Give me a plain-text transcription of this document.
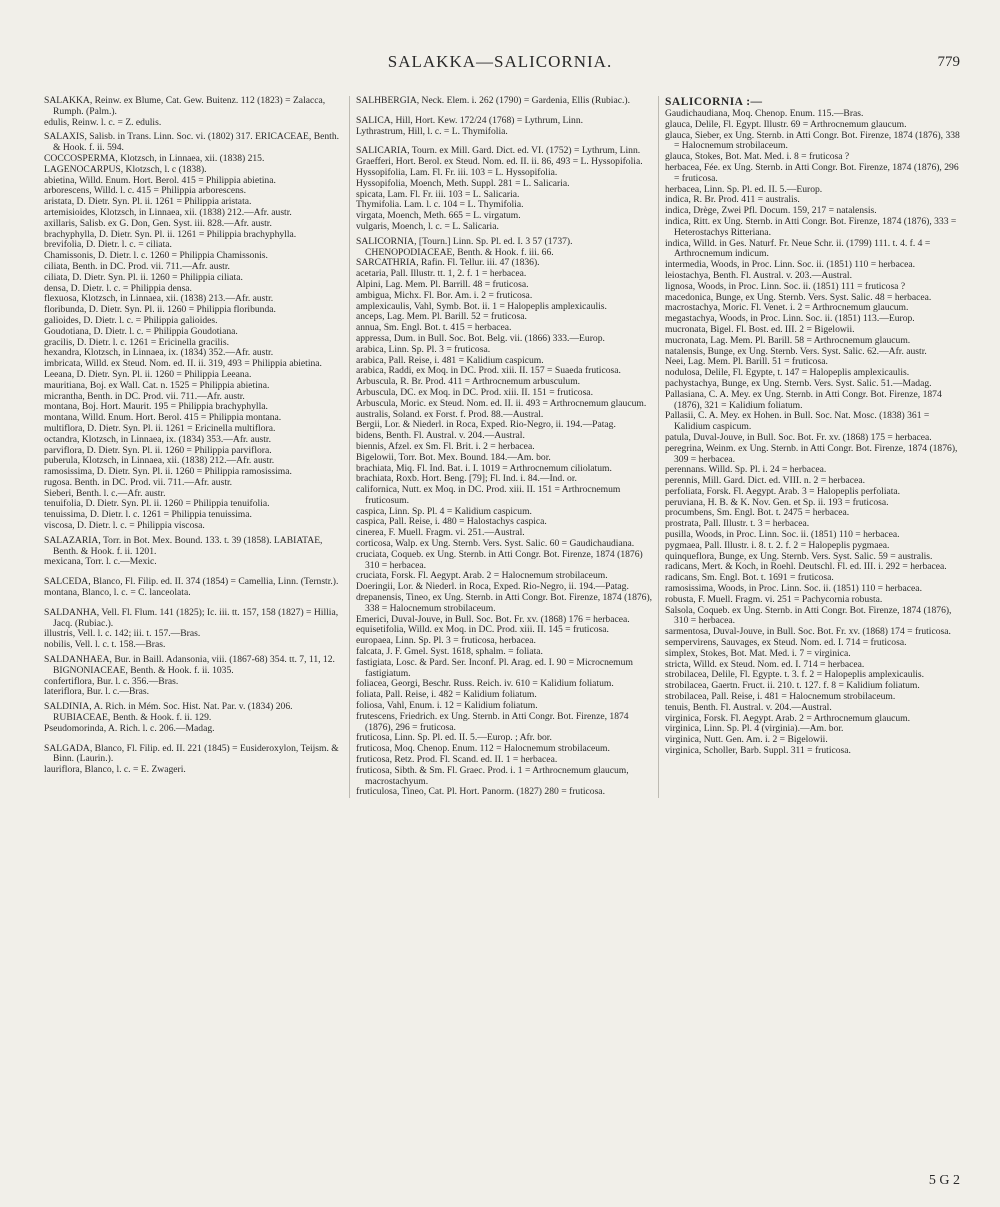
SALAKKA—SALICORNIA.	779

SALAKKA, Reinw. ex Blume, Cat. Gew. Buitenz. 112 (1823) = Zalacca, Rumph. (Palm.).

edulis, Reinw. l. c. = Z. edulis.

SALAXIS, Salisb. in Trans. Linn. Soc. vi. (1802) 317. ERICACEAE, Benth. & Hook. f. ii. 594.

COCCOSPERMA, Klotzsch, in Linnaea, xii. (1838) 215.

LAGENOCARPUS, Klotzsch, l. c (1838).

abietina, Willd. Enum. Hort. Berol. 415 = Philippia abietina.

arborescens, Willd. l. c. 415 = Philippia arborescens.

aristata, D. Dietr. Syn. Pl. ii. 1261 = Philippia aristata.

artemisioides, Klotzsch, in Linnaea, xii. (1838) 212.—Afr. austr.

axillaris, Salisb. ex G. Don, Gen. Syst. iii. 828.—Afr. austr.

brachyphylla, D. Dietr. Syn. Pl. ii. 1261 = Philippia brachyphylla.

brevifolia, D. Dietr. l. c. = ciliata.

Chamissonis, D. Dietr. l. c. 1260 = Philippia Chamissonis.

ciliata, Benth. in DC. Prod. vii. 711.—Afr. austr.

ciliata, D. Dietr. Syn. Pl. ii. 1260 = Philippia ciliata.

densa, D. Dietr. l. c. = Philippia densa.

flexuosa, Klotzsch, in Linnaea, xii. (1838) 213.—Afr. austr.

floribunda, D. Dietr. Syn. Pl. ii. 1260 = Philippia floribunda.

galioides, D. Dietr. l. c. = Philippia galioides.

Goudotiana, D. Dietr. l. c. = Philippia Goudotiana.

gracilis, D. Dietr. l. c. 1261 = Ericinella gracilis.

hexandra, Klotzsch, in Linnaea, ix. (1834) 352.—Afr. austr.

imbricata, Willd. ex Steud. Nom. ed. II. ii. 319, 493 = Philippia abietina.

Leeana, D. Dietr. Syn. Pl. ii. 1260 = Philippia Leeana.

mauritiana, Boj. ex Wall. Cat. n. 1525 = Philippia abietina.

micrantha, Benth. in DC. Prod. vii. 711.—Afr. austr.

montana, Boj. Hort. Maurit. 195 = Philippia brachyphylla.

montana, Willd. Enum. Hort. Berol. 415 = Philippia montana.

multiflora, D. Dietr. Syn. Pl. ii. 1261 = Ericinella multiflora.

octandra, Klotzsch, in Linnaea, ix. (1834) 353.—Afr. austr.

parviflora, D. Dietr. Syn. Pl. ii. 1260 = Philippia parviflora.

puberula, Klotzsch, in Linnaea, xii. (1838) 212.—Afr. austr.

ramosissima, D. Dietr. Syn. Pl. ii. 1260 = Philippia ramosissima.

rugosa. Benth. in DC. Prod. vii. 711.—Afr. austr.

Sieberi, Benth. l. c.—Afr. austr.

tenuifolia, D. Dietr. Syn. Pl. ii. 1260 = Philippia tenuifolia.

tenuissima, D. Dietr. l. c. 1261 = Philippia tenuissima.

viscosa, D. Dietr. l. c. = Philippia viscosa.

SALAZARIA, Torr. in Bot. Mex. Bound. 133. t. 39 (1858). LABIATAE, Benth. & Hook. f. ii. 1201.

mexicana, Torr. l. c.—Mexic.

SALCEDA, Blanco, Fl. Filip. ed. II. 374 (1854) = Camellia, Linn. (Ternstr.).

montana, Blanco, l. c. = C. lanceolata.

SALDANHA, Vell. Fl. Flum. 141 (1825); Ic. iii. tt. 157, 158 (1827) = Hillia, Jacq. (Rubiac.).

illustris, Vell. l. c. 142; iii. t. 157.—Bras.

nobilis, Vell. l. c. t. 158.—Bras.

SALDANHAEA, Bur. in Baill. Adansonia, viii. (1867-68) 354. tt. 7, 11, 12. BIGNONIACEAE, Benth. & Hook. f. ii. 1035.

confertiflora, Bur. l. c. 356.—Bras.

lateriflora, Bur. l. c.—Bras.

SALDINIA, A. Rich. in Mém. Soc. Hist. Nat. Par. v. (1834) 206. RUBIACEAE, Benth. & Hook. f. ii. 129.

Pseudomorinda, A. Rich. l. c. 206.—Madag.

SALGADA, Blanco, Fl. Filip. ed. II. 221 (1845) = Eusideroxylon, Teijsm. & Binn. (Laurin.).

lauriflora, Blanco, l. c. = E. Zwageri.

SALHBERGIA, Neck. Elem. i. 262 (1790) = Gardenia, Ellis (Rubiac.).

SALICA, Hill, Hort. Kew. 172/24 (1768) = Lythrum, Linn.

Lythrastrum, Hill, l. c. = L. Thymifolia.

SALICARIA, Tourn. ex Mill. Gard. Dict. ed. VI. (1752) = Lythrum, Linn.

Graefferi, Hort. Berol. ex Steud. Nom. ed. II. ii. 86, 493 = L. Hyssopifolia.

Hyssopifolia, Lam. Fl. Fr. iii. 103 = L. Hyssopifolia.

Hyssopifolia, Moench, Meth. Suppl. 281 = L. Salicaria.

spicata, Lam. Fl. Fr. iii. 103 = L. Salicaria.

Thymifolia. Lam. l. c. 104 = L. Thymifolia.

virgata, Moench, Meth. 665 = L. virgatum.

vulgaris, Moench, l. c. = L. Salicaria.

SALICORNIA, [Tourn.] Linn. Sp. Pl. ed. I. 3 57 (1737). CHENOPODIACEAE, Benth. & Hook. f. iii. 66.

SARCATHRIA, Rafin. Fl. Tellur. iii. 47 (1836).

acetaria, Pall. Illustr. tt. 1, 2. f. 1 = herbacea.

Alpini, Lag. Mem. Pl. Barrill. 48 = fruticosa.

ambigua, Michx. Fl. Bor. Am. i. 2 = fruticosa.

amplexicaulis, Vahl, Symb. Bot. ii. 1 = Halopeplis amplexicaulis.

anceps, Lag. Mem. Pl. Barill. 52 = fruticosa.

annua, Sm. Engl. Bot. t. 415 = herbacea.

appressa, Dum. in Bull. Soc. Bot. Belg. vii. (1866) 333.—Europ.

arabica, Linn. Sp. Pl. 3 = fruticosa.

arabica, Pall. Reise, i. 481 = Kalidium caspicum.

arabica, Raddi, ex Moq. in DC. Prod. xiii. II. 157 = Suaeda fruticosa.

Arbuscula, R. Br. Prod. 411 = Arthrocnemum arbusculum.

Arbuscula, DC. ex Moq. in DC. Prod. xiii. II. 151 = fruticosa.

Arbuscula, Moric. ex Steud. Nom. ed. II. ii. 493 = Arthrocnemum glaucum.

australis, Soland. ex Forst. f. Prod. 88.—Austral.

Bergii, Lor. & Niederl. in Roca, Exped. Rio-Negro, ii. 194.—Patag.

bidens, Benth. Fl. Austral. v. 204.—Austral.

biennis, Afzel. ex Sm. Fl. Brit. i. 2 = herbacea.

Bigelowii, Torr. Bot. Mex. Bound. 184.—Am. bor.

brachiata, Miq. Fl. Ind. Bat. i. I. 1019 = Arthrocnemum ciliolatum.

brachiata, Roxb. Hort. Beng. [79]; Fl. Ind. i. 84.—Ind. or.

californica, Nutt. ex Moq. in DC. Prod. xiii. II. 151 = Arthrocnemum fruticosum.

caspica, Linn. Sp. Pl. 4 = Kalidium caspicum.

caspica, Pall. Reise, i. 480 = Halostachys caspica.

cinerea, F. Muell. Fragm. vi. 251.—Austral.

corticosa, Walp. ex Ung. Sternb. Vers. Syst. Salic. 60 = Gaudichaudiana.

cruciata, Coqueb. ex Ung. Sternb. in Atti Congr. Bot. Firenze, 1874 (1876) 310 = herbacea.

cruciata, Forsk. Fl. Aegypt. Arab. 2 = Halocnemum strobilaceum.

Doeringii, Lor. & Niederl. in Roca, Exped. Rio-Negro, ii. 194.—Patag.

drepanensis, Tineo, ex Ung. Sternb. in Atti Congr. Bot. Firenze, 1874 (1876), 338 = Halocnemum strobilaceum.

Emerici, Duval-Jouve, in Bull. Soc. Bot. Fr. xv. (1868) 176 = herbacea.

equisetifolia, Willd. ex Moq. in DC. Prod. xiii. II. 145 = fruticosa.

europaea, Linn. Sp. Pl. 3 = fruticosa, herbacea.

falcata, J. F. Gmel. Syst. 1618, sphalm. = foliata.

fastigiata, Losc. & Pard. Ser. Inconf. Pl. Arag. ed. I. 90 = Microcnemum fastigiatum.

foliacea, Georgi, Beschr. Russ. Reich. iv. 610 = Kalidium foliatum.

foliata, Pall. Reise, i. 482 = Kalidium foliatum.

foliosa, Vahl, Enum. i. 12 = Kalidium foliatum.

frutescens, Friedrich. ex Ung. Sternb. in Atti Congr. Bot. Firenze, 1874 (1876), 296 = fruticosa.

fruticosa, Linn. Sp. Pl. ed. II. 5.—Europ. ; Afr. bor.

fruticosa, Moq. Chenop. Enum. 112 = Halocnemum strobilaceum.

fruticosa, Retz. Prod. Fl. Scand. ed. II. 1 = herbacea.

fruticosa, Sibth. & Sm. Fl. Graec. Prod. i. 1 = Arthrocnemum glaucum, macrostachyum.

fruticulosa, Tineo, Cat. Pl. Hort. Panorm. (1827) 280 = fruticosa.

SALICORNIA :—

Gaudichaudiana, Moq. Chenop. Enum. 115.—Bras.

glauca, Delile, Fl. Egypt. Illustr. 69 = Arthrocnemum glaucum.

glauca, Sieber, ex Ung. Sternb. in Atti Congr. Bot. Firenze, 1874 (1876), 338 = Halocnemum strobilaceum.

glauca, Stokes, Bot. Mat. Med. i. 8 = fruticosa ?

herbacea, Fée. ex Ung. Sternb. in Atti Congr. Bot. Firenze, 1874 (1876), 296 = fruticosa.

herbacea, Linn. Sp. Pl. ed. II. 5.—Europ.

indica, R. Br. Prod. 411 = australis.

indica, Drège, Zwei Pfl. Docum. 159, 217 = natalensis.

indica, Ritt. ex Ung. Sternb. in Atti Congr. Bot. Firenze, 1874 (1876), 333 = Heterostachys Ritteriana.

indica, Willd. in Ges. Naturf. Fr. Neue Schr. ii. (1799) 111. t. 4. f. 4 = Arthrocnemum indicum.

intermedia, Woods, in Proc. Linn. Soc. ii. (1851) 110 = herbacea.

leiostachya, Benth. Fl. Austral. v. 203.—Austral.

lignosa, Woods, in Proc. Linn. Soc. ii. (1851) 111 = fruticosa ?

macedonica, Bunge, ex Ung. Sternb. Vers. Syst. Salic. 48 = herbacea.

macrostachya, Moric. Fl. Venet. i. 2 = Arthrocnemum glaucum.

megastachya, Woods, in Proc. Linn. Soc. ii. (1851) 113.—Europ.

mucronata, Bigel. Fl. Bost. ed. III. 2 = Bigelowii.

mucronata, Lag. Mem. Pl. Barill. 58 = Arthrocnemum glaucum.

natalensis, Bunge, ex Ung. Sternb. Vers. Syst. Salic. 62.—Afr. austr.

Neei, Lag. Mem. Pl. Barill. 51 = fruticosa.

nodulosa, Delile, Fl. Egypte, t. 147 = Halopeplis amplexicaulis.

pachystachya, Bunge, ex Ung. Sternb. Vers. Syst. Salic. 51.—Madag.

Pallasiana, C. A. Mey. ex Ung. Sternb. in Atti Congr. Bot. Firenze, 1874 (1876), 321 = Kalidium foliatum.

Pallasii, C. A. Mey. ex Hohen. in Bull. Soc. Nat. Mosc. (1838) 361 = Kalidium caspicum.

patula, Duval-Jouve, in Bull. Soc. Bot. Fr. xv. (1868) 175 = herbacea.

peregrina, Weinm. ex Ung. Sternb. in Atti Congr. Bot. Firenze, 1874 (1876), 309 = herbacea.

perennans. Willd. Sp. Pl. i. 24 = herbacea.

perennis, Mill. Gard. Dict. ed. VIII. n. 2 = herbacea.

perfoliata, Forsk. Fl. Aegypt. Arab. 3 = Halopeplis perfoliata.

peruviana, H. B. & K. Nov. Gen. et Sp. ii. 193 = fruticosa.

procumbens, Sm. Engl. Bot. t. 2475 = herbacea.

prostrata, Pall. Illustr. t. 3 = herbacea.

pusilla, Woods, in Proc. Linn. Soc. ii. (1851) 110 = herbacea.

pygmaea, Pall. Illustr. i. 8. t. 2. f. 2 = Halopeplis pygmaea.

quinqueflora, Bunge, ex Ung. Sternb. Vers. Syst. Salic. 59 = australis.

radicans, Mert. & Koch, in Roehl. Deutschl. Fl. ed. III. i. 292 = herbacea.

radicans, Sm. Engl. Bot. t. 1691 = fruticosa.

ramosissima, Woods, in Proc. Linn. Soc. ii. (1851) 110 = herbacea.

robusta, F. Muell. Fragm. vi. 251 = Pachycornia robusta.

Salsola, Coqueb. ex Ung. Sternb. in Atti Congr. Bot. Firenze, 1874 (1876), 310 = herbacea.

sarmentosa, Duval-Jouve, in Bull. Soc. Bot. Fr. xv. (1868) 174 = fruticosa.

sempervirens, Sauvages, ex Steud. Nom. ed. I. 714 = fruticosa.

simplex, Stokes, Bot. Mat. Med. i. 7 = virginica.

stricta, Willd. ex Steud. Nom. ed. I. 714 = herbacea.

strobilacea, Delile, Fl. Egypte. t. 3. f. 2 = Halopeplis amplexicaulis.

strobilacea, Gaertn. Fruct. ii. 210. t. 127. f. 8 = Kalidium foliatum.

strobilacea, Pall. Reise, i. 481 = Halocnemum strobilaceum.

tenuis, Benth. Fl. Austral. v. 204.—Austral.

virginica, Forsk. Fl. Aegypt. Arab. 2 = Arthrocnemum glaucum.

virginica, Linn. Sp. Pl. 4 (virginia).—Am. bor.

virginica, Nutt. Gen. Am. i. 2 = Bigelowii.

virginica, Scholler, Barb. Suppl. 311 = fruticosa.

5 G 2
